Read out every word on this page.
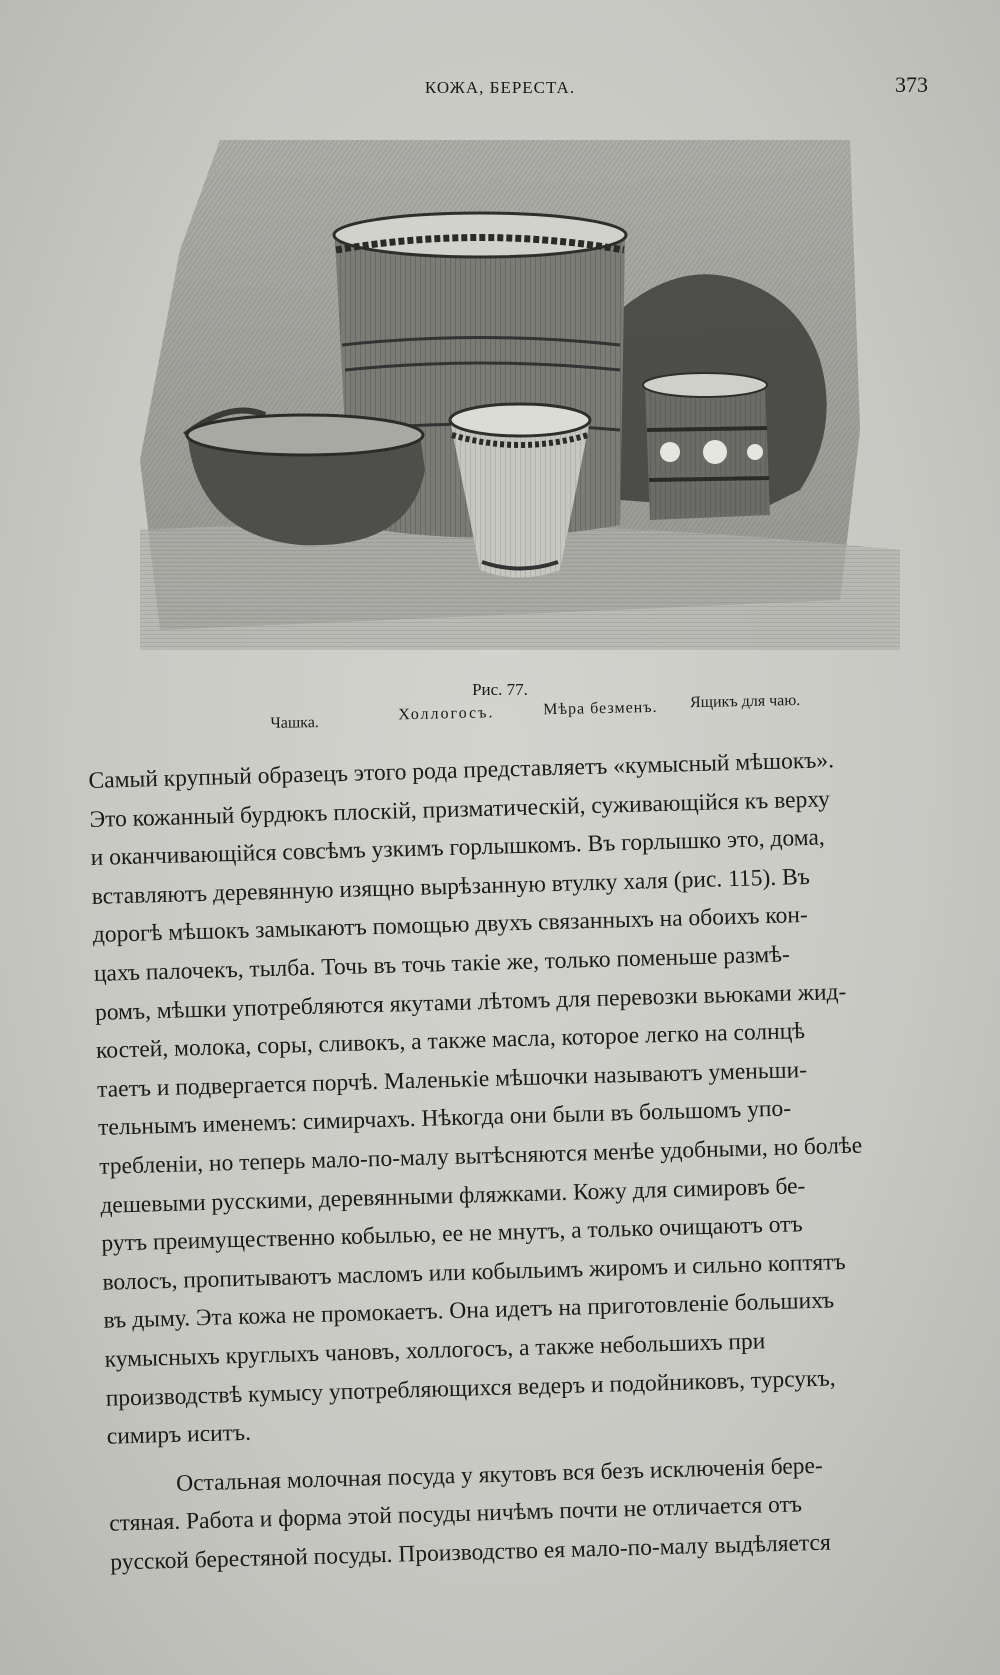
КОЖА, БЕРЕСТА.	373
Рис. 77.
Чашка.	Холлогосъ.	Мѣра безменъ. Ящикъ для чаю.
Самый крупный образецъ этого рода представляетъ «кумысный мѣшокъ».
Это кожанный бурдюкъ плоскій, призматическій, суживающійся къ верху
и оканчивающійся совсѣмъ узкимъ горлышкомъ. Въ горлышко это, дома,
вставляютъ деревянную изящно вырѣзанную втулку халя (рис. 115). Въ
дорогѣ мѣшокъ замыкаютъ помощью двухъ связанныхъ на обоихъ кон-
цахъ палочекъ, тылба. Точь въ точь такіе же, только поменьше размѣ-
ромъ, мѣшки употребляются якутами лѣтомъ для перевозки вьюками жид-
костей, молока, соры, сливокъ, а также масла, которое легко на солнцѣ
таетъ и подвергается порчѣ. Маленькіе мѣшочки называютъ уменьши-
тельнымъ именемъ: симирчахъ. Нѣкогда они были въ большомъ упо-
требленіи, но теперь мало-по-малу вытѣсняются менѣе удобными, но болѣе
дешевыми русскими, деревянными фляжками. Кожу для симировъ бе-
рутъ преимущественно кобылью, ее не мнутъ, а только очищаютъ отъ
волосъ, пропитываютъ масломъ или кобыльимъ жиромъ и сильно коптятъ
въ дыму. Эта кожа не промокаетъ. Она идетъ на приготовленіе большихъ
кумысныхъ круглыхъ чановъ, холлогосъ, а также небольшихъ при
производствѣ кумысу употребляющихся ведеръ и подойниковъ, турсукъ,
симиръ иситъ.
Остальная молочная посуда у якутовъ вся безъ исключенія бере-
стяная. Работа и форма этой посуды ничѣмъ почти не отличается отъ
русской берестяной посуды. Производство ея мало-по-малу выдѣляется
